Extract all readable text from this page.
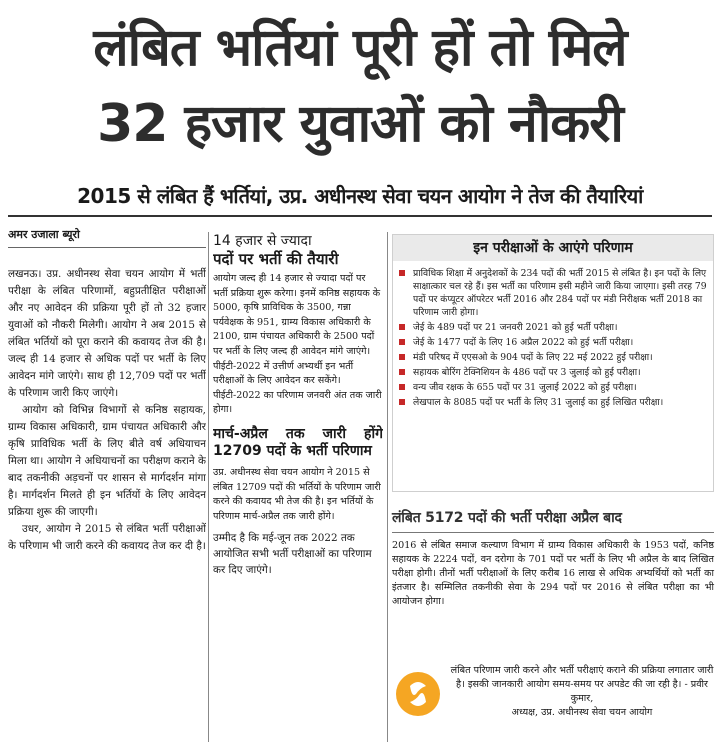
लंबित भर्तियां पूरी हों तो मिले
32 हजार युवाओं को नौकरी
2015 से लंबित हैं भर्तियां, उप्र. अधीनस्थ सेवा चयन आयोग ने तेज की तैयारियां
अमर उजाला ब्यूरो

लखनऊ। उप्र. अधीनस्थ सेवा चयन आयोग में भर्ती परीक्षा के लंबित परिणामों, बहुप्रतीक्षित परीक्षाओं और नए आवेदन की प्रक्रिया पूरी हों तो 32 हजार युवाओं को नौकरी मिलेगी। आयोग ने अब 2015 से लंबित भर्तियों को पूरा कराने की कवायद तेज की है। जल्द ही 14 हजार से अधिक पदों पर भर्ती के लिए आवेदन मांगे जाएंगे। साथ ही 12,709 पदों पर भर्ती के परिणाम जारी किए जाएंगे।

आयोग को विभिन्न विभागों से कनिष्ठ सहायक, ग्राम्य विकास अधिकारी, ग्राम पंचायत अधिकारी और कृषि प्राविधिक भर्ती के लिए बीते वर्ष अधियाचन मिला था। आयोग ने अधियाचनों का परीक्षण कराने के बाद तकनीकी अड़चनों पर शासन से मार्गदर्शन मांगा है। मार्गदर्शन मिलते ही इन भर्तियों के लिए आवेदन प्रक्रिया शुरू की जाएगी।

उधर, आयोग ने 2015 से लंबित भर्ती परीक्षाओं के परिणाम भी जारी करने की कवायद तेज कर दी है।

14 हजार से ज्यादा
पदों पर भर्ती की तैयारी
आयोग जल्द ही 14 हजार से ज्यादा पदों पर भर्ती प्रक्रिया शुरू करेगा। इनमें कनिष्ठ सहायक के 5000, कृषि प्राविधिक के 3500, गन्ना पर्यवेक्षक के 951, ग्राम्य विकास अधिकारी के 2100, ग्राम पंचायत अधिकारी के 2500 पदों पर भर्ती के लिए जल्द ही आवेदन मांगे जाएंगे। पीईटी-2022 में उत्तीर्ण अभ्यर्थी इन भर्ती परीक्षाओं के लिए आवेदन कर सकेंगे। पीईटी-2022 का परिणाम जनवरी अंत तक जारी होगा।
मार्च-अप्रैल तक जारी होंगे 12709 पदों के भर्ती परिणाम
उप्र. अधीनस्थ सेवा चयन आयोग ने 2015 से लंबित 12709 पदों की भर्तियों के परिणाम जारी करने की कवायद भी तेज की है। इन भर्तियों के परिणाम मार्च-अप्रैल तक जारी होंगे।
उम्मीद है कि मई-जून तक 2022 तक आयोजित सभी भर्ती परीक्षाओं का परिणाम कर दिए जाएंगे।
इन परीक्षाओं के आएंगे परिणाम
प्राविधिक शिक्षा में अनुदेशकों के 234 पदों की भर्ती 2015 से लंबित है। इन पदों के लिए साक्षात्कार चल रहे हैं। इस भर्ती का परिणाम इसी महीने जारी किया जाएगा। इसी तरह 79 पदों पर कंप्यूटर ऑपरेटर भर्ती 2016 और 284 पदों पर मंडी निरीक्षक भर्ती 2018 का परिणाम जारी होगा।
जेई के 489 पदों पर 21 जनवरी 2021 को हुई भर्ती परीक्षा।
जेई के 1477 पदों के लिए 16 अप्रैल 2022 को हुई भर्ती परीक्षा।
मंडी परिषद में एएसओ के 904 पदों के लिए 22 मई 2022 हुई परीक्षा।
सहायक बोरिंग टेक्निशियन के 486 पदों पर 3 जुलाई को हुई परीक्षा।
वन्य जीव रक्षक के 655 पदों पर 31 जुलाई 2022 को हुई परीक्षा।
लेखपाल के 8085 पदों पर भर्ती के लिए 31 जुलाई का हुई लिखित परीक्षा।
लंबित 5172 पदों की भर्ती परीक्षा अप्रैल बाद
2016 से लंबित समाज कल्याण विभाग में ग्राम्य विकास अधिकारी के 1953 पदों, कनिष्ठ सहायक के 2224 पदों, वन दरोगा के 701 पदों पर भर्ती के लिए भी अप्रैल के बाद लिखित परीक्षा होगी। तीनों भर्ती परीक्षाओं के लिए करीब 16 लाख से अधिक अभ्यर्थियों को भर्ती का इंतजार है। सम्मिलित तकनीकी सेवा के 294 पदों पर 2016 से लंबित परीक्षा का भी आयोजन होगा।
लंबित परिणाम जारी करने और भर्ती परीक्षाएं कराने की प्रक्रिया लगातार जारी है। इसकी जानकारी आयोग समय-समय पर अपडेट की जा रही है। - प्रवीर कुमार,
अध्यक्ष, उप्र. अधीनस्थ सेवा चयन आयोग
